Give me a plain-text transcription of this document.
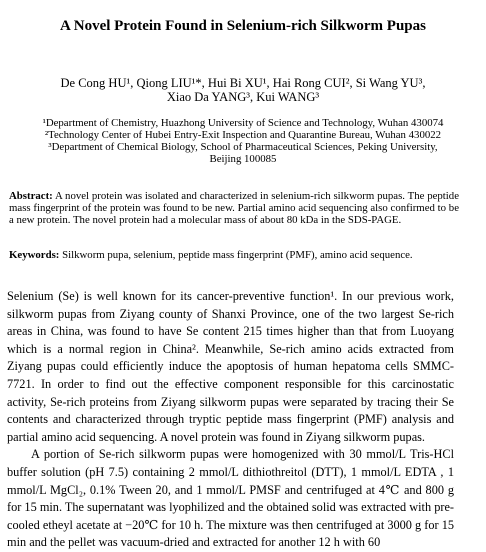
A Novel Protein Found in Selenium-rich Silkworm Pupas
De Cong HU¹, Qiong LIU¹*, Hui Bi XU¹, Hai Rong CUI², Si Wang YU³,
Xiao Da YANG³, Kui WANG³
¹Department of Chemistry, Huazhong University of Science and Technology, Wuhan 430074
²Technology Center of Hubei Entry-Exit Inspection and Quarantine Bureau, Wuhan 430022
³Department of Chemical Biology, School of Pharmaceutical Sciences, Peking University,
Beijing 100085
Abstract: A novel protein was isolated and characterized in selenium-rich silkworm pupas. The peptide mass fingerprint of the protein was found to be new. Partial amino acid sequencing also confirmed to be a new protein. The novel protein had a molecular mass of about 80 kDa in the SDS-PAGE.
Keywords: Silkworm pupa, selenium, peptide mass fingerprint (PMF), amino acid sequence.

Selenium (Se) is well known for its cancer-preventive function¹. In our previous work, silkworm pupas from Ziyang county of Shanxi Province, one of the two largest Se-rich areas in China, was found to have Se content 215 times higher than that from Luoyang which is a normal region in China². Meanwhile, Se-rich amino acids extracted from Ziyang pupas could efficiently induce the apoptosis of human hepatoma cells SMMC-7721. In order to find out the effective component responsible for this carcinostatic activity, Se-rich proteins from Ziyang silkworm pupas were separated by tracing their Se contents and characterized through tryptic peptide mass fingerprint (PMF) analysis and partial amino acid sequencing. A novel protein was found in Ziyang silkworm pupas.

A portion of Se-rich silkworm pupas were homogenized with 30 mmol/L Tris-HCl buffer solution (pH 7.5) containing 2 mmol/L dithiothreitol (DTT), 1 mmol/L EDTA , 1 mmol/L MgCl₂, 0.1% Tween 20, and 1 mmol/L PMSF and centrifuged at 4℃ and 800 g for 15 min. The supernatant was lyophilized and the obtained solid was extracted with pre-cooled etheyl acetate at −20℃ for 10 h. The mixture was then centrifuged at 3000 g for 15 min and the pellet was vacuum-dried and extracted for another 12 h with 60
